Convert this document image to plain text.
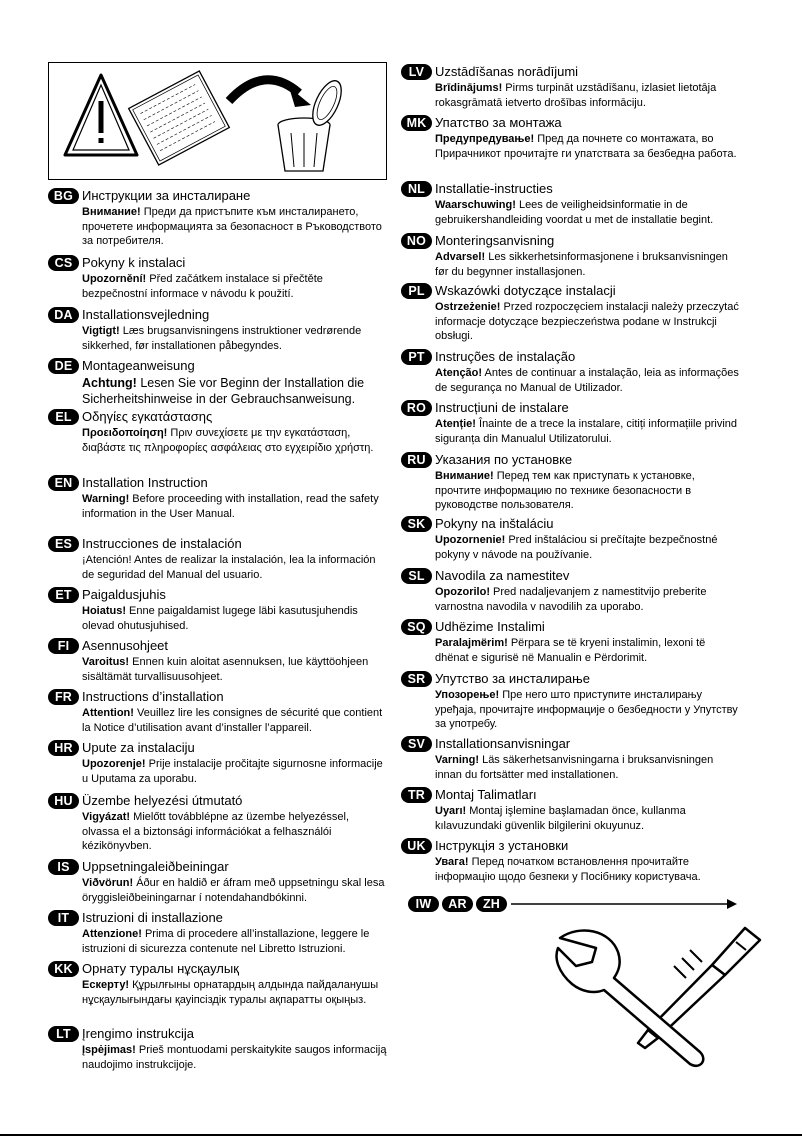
BG Инструкции за инсталиране
Внимание! Преди да пристъпите към инсталирането, прочетете информацията за безопасност в Ръководството за потребителя.
CS Pokyny k instalaci
Upozornění! Před začátkem instalace si přečtěte bezpečnostní informace v návodu k použití.
DA Installationsvejledning
Vigtigt! Læs brugsanvisningens instruktioner vedrørende sikkerhed, før installationen påbegyndes.
DE Montageanweisung
Achtung! Lesen Sie vor Beginn der Installation die Sicherheitshinweise in der Gebrauchsanweisung.
EL Οδηγίες εγκατάστασης
Προειδοποίηση! Πριν συνεχίσετε με την εγκατάσταση, διαβάστε τις πληροφορίες ασφάλειας στο εγχειρίδιο χρήστη.
EN Installation Instruction
Warning! Before proceeding with installation, read the safety information in the User Manual.
ES Instrucciones de instalación
¡Atención! Antes de realizar la instalación, lea la información de seguridad del Manual del usuario.
ET Paigaldusjuhis
Hoiatus! Enne paigaldamist lugege läbi kasutusjuhendis olevad ohutusjuhised.
FI Asennusohjeet
Varoitus! Ennen kuin aloitat asennuksen, lue käyttöohjeen sisältämät turvallisuusohjeet.
FR Instructions d’installation
Attention! Veuillez lire les consignes de sécurité que contient la Notice d’utilisation avant d’installer l’appareil.
HR Upute za instalaciju
Upozorenje! Prije instalacije pročitajte sigurnosne informacije u Uputama za uporabu.
HU Üzembe helyezési útmutató
Vigyázat! Mielőtt továbblépne az üzembe helyezéssel, olvassa el a biztonsági információkat a felhasználói kézikönyvben.
IS Uppsetningaleiðbeiningar
Viðvörun! Áður en haldið er áfram með uppsetningu skal lesa öryggisleiðbeiningarnar í notendahandbókinni.
IT Istruzioni di installazione
Attenzione! Prima di procedere all’installazione, leggere le istruzioni di sicurezza contenute nel Libretto Istruzioni.
KK Орнату туралы нұсқаулық
Ескерту! Құрылғыны орнатардың алдында пайдаланушы нұсқаулығындағы қауіпсіздік туралы ақпаратты оқыңыз.
LT Įrengimo instrukcija
Įspėjimas! Prieš montuodami perskaitykite saugos informaciją naudojimo instrukcijoje.
LV Uzstādīšanas norādījumi
Brīdinājums! Pirms turpināt uzstādīšanu, izlasiet lietotāja rokasgrāmatā ietverto drošības informāciju.
MK Упатство за монтажа
Предупредување! Пред да почнете со монтажата, во Прирачникот прочитајте ги упатствата за безбедна работа.
NL Installatie-instructies
Waarschuwing! Lees de veiligheidsinformatie in de gebruikershandleiding voordat u met de installatie begint.
NO Monteringsanvisning
Advarsel! Les sikkerhetsinformasjonene i bruksanvisningen før du begynner installasjonen.
PL Wskazówki dotyczące instalacji
Ostrzeżenie! Przed rozpoczęciem instalacji należy przeczytać informacje dotyczące bezpieczeństwa podane w Instrukcji obsługi.
PT Instruções de instalação
Atenção! Antes de continuar a instalação, leia as informações de segurança no Manual de Utilizador.
RO Instrucțiuni de instalare
Atenție! Înainte de a trece la instalare, citiți informațiile privind siguranța din Manualul Utilizatorului.
RU Указания по установке
Внимание! Перед тем как приступать к установке, прочтите информацию по технике безопасности в руководстве пользователя.
SK Pokyny na inštaláciu
Upozornenie! Pred inštaláciou si prečítajte bezpečnostné pokyny v návode na používanie.
SL Navodila za namestitev
Opozorilo! Pred nadaljevanjem z namestitvijo preberite varnostna navodila v navodilih za uporabo.
SQ Udhëzime Instalimi
Paralajmërim! Përpara se të kryeni instalimin, lexoni të dhënat e sigurisë në Manualin e Përdorimit.
SR Упутство за инсталирање
Упозорење! Пре него што приступите инсталирању уређаја, прочитајте информације о безбедности у Упутству за употребу.
SV Installationsanvisningar
Varning! Läs säkerhetsanvisningarna i bruksanvisningen innan du fortsätter med installationen.
TR Montaj Talimatları
Uyarı! Montaj işlemine başlamadan önce, kullanma kılavuzundaki güvenlik bilgilerini okuyunuz.
UK Інструкція з установки
Увага! Перед початком встановлення прочитайте інформацію щодо безпеки у Посібнику користувача.
IW	AR	ZH
